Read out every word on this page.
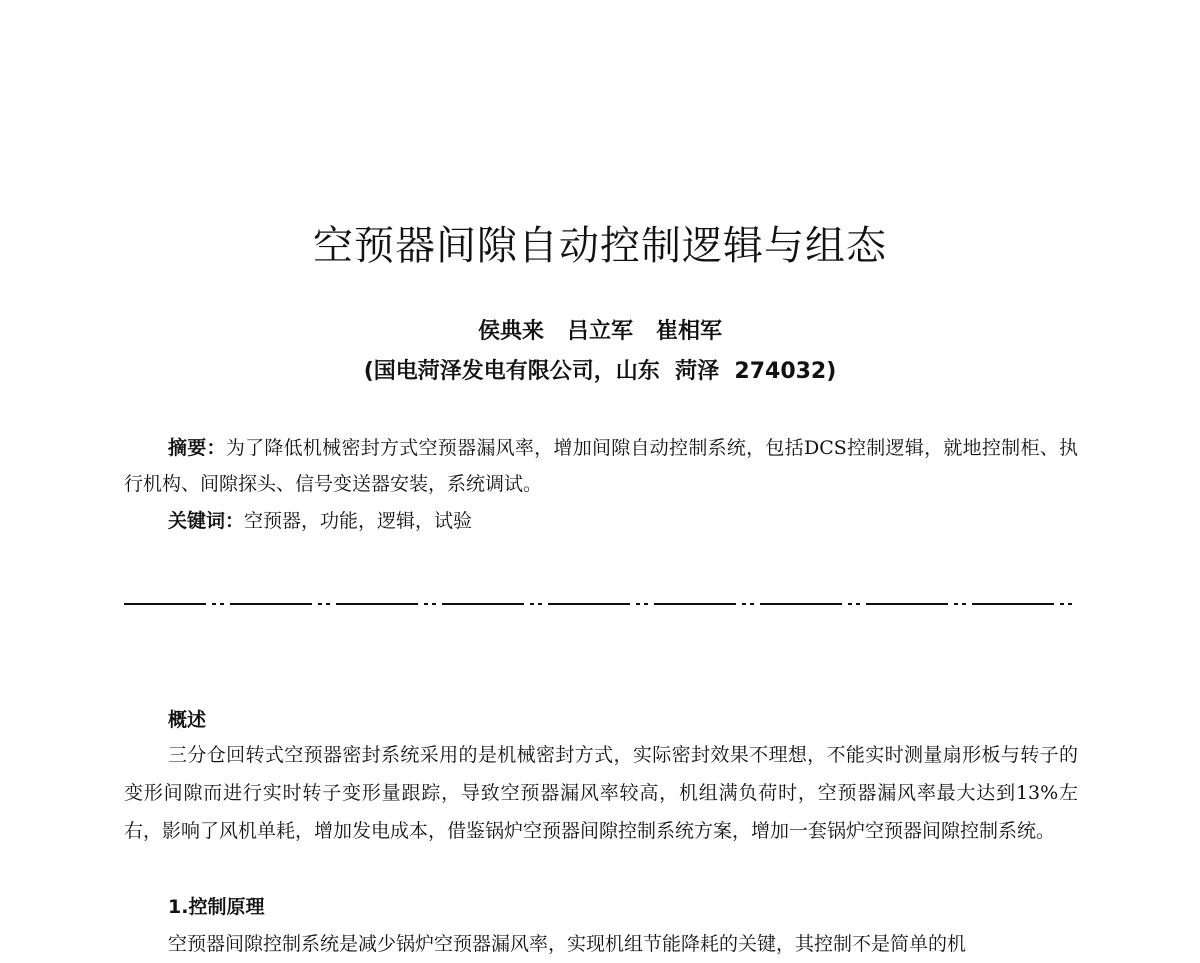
空预器间隙自动控制逻辑与组态
侯典来   吕立军   崔相军
(国电菏泽发电有限公司，山东  菏泽  274032)
摘要：为了降低机械密封方式空预器漏风率，增加间隙自动控制系统，包括DCS控制逻辑，就地控制柜、执行机构、间隙探头、信号变送器安装，系统调试。
关键词：空预器，功能，逻辑，试验
概述
三分仓回转式空预器密封系统采用的是机械密封方式，实际密封效果不理想，不能实时测量扇形板与转子的变形间隙而进行实时转子变形量跟踪，导致空预器漏风率较高，机组满负荷时，空预器漏风率最大达到13%左右，影响了风机单耗，增加发电成本，借鉴锅炉空预器间隙控制系统方案，增加一套锅炉空预器间隙控制系统。
1.控制原理
空预器间隙控制系统是减少锅炉空预器漏风率，实现机组节能降耗的关键，其控制不是简单的机
